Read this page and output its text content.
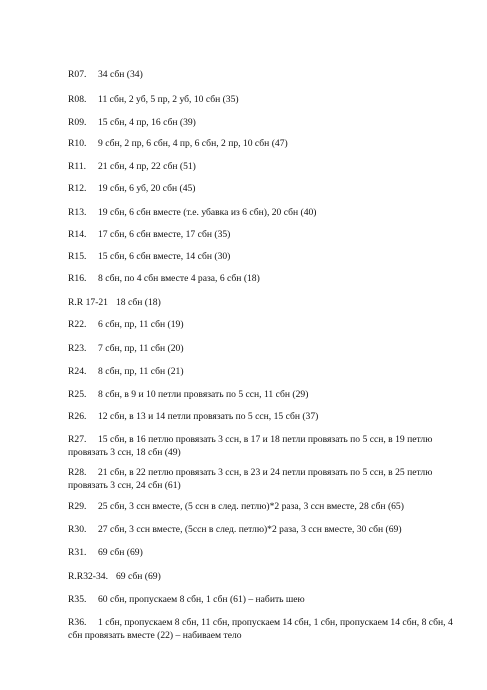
R07. 34 сбн (34)
R08. 11 сбн, 2 уб, 5 пр, 2 уб, 10 сбн (35)
R09. 15 сбн, 4 пр, 16 сбн (39)
R10. 9 сбн, 2 пр, 6 сбн, 4 пр, 6 сбн, 2 пр, 10 сбн (47)
R11. 21 сбн, 4 пр, 22 сбн (51)
R12. 19 сбн, 6 уб, 20 сбн (45)
R13. 19 сбн, 6 сбн вместе (т.е. убавка из 6 сбн), 20 сбн (40)
R14. 17 сбн, 6 сбн вместе, 17 сбн (35)
R15. 15 сбн, 6 сбн вместе, 14 сбн (30)
R16. 8 сбн, по 4 сбн вместе 4 раза, 6 сбн (18)
R.R 17-21 18 сбн (18)
R22. 6 сбн, пр, 11 сбн (19)
R23. 7 сбн, пр, 11 сбн (20)
R24. 8 сбн, пр, 11 сбн (21)
R25. 8 сбн, в 9 и 10 петли провязать по 5 ссн, 11 сбн (29)
R26. 12 сбн, в 13 и 14 петли провязать по 5 ссн, 15 сбн (37)
R27. 15 сбн, в 16 петлю провязать 3 ссн, в 17 и 18 петли провязать по 5 ссн, в 19 петлю провязать 3 ссн, 18 сбн (49)
R28. 21 сбн, в 22 петлю провязать 3 ссн, в 23 и 24 петли провязать по 5 ссн, в 25 петлю провязать 3 ссн, 24 сбн (61)
R29. 25 сбн, 3 ссн вместе, (5 ссн в след. петлю)*2 раза, 3 ссн вместе, 28 сбн (65)
R30. 27 сбн, 3 ссн вместе, (5ссн в след. петлю)*2 раза, 3 ссн вместе, 30 сбн (69)
R31. 69 сбн (69)
R.R32-34. 69 сбн (69)
R35. 60 сбн, пропускаем 8 сбн, 1 сбн (61) – набить шею
R36. 1 сбн, пропускаем 8 сбн, 11 сбн, пропускаем 14 сбн, 1 сбн, пропускаем 14 сбн, 8 сбн, 4 сбн провязать вместе (22) – набиваем тело
